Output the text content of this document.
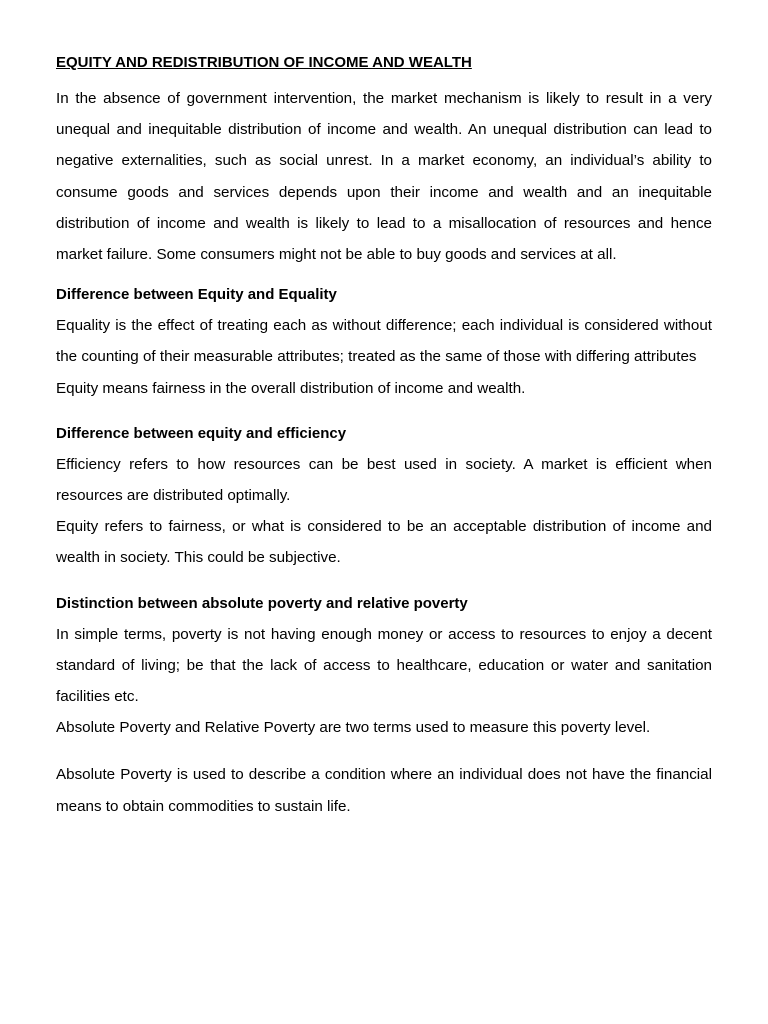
EQUITY AND REDISTRIBUTION OF INCOME AND WEALTH

In the absence of government intervention, the market mechanism is likely to result in a very unequal and inequitable distribution of income and wealth. An unequal distribution can lead to negative externalities, such as social unrest. In a market economy, an individual’s ability to consume goods and services depends upon their income and wealth and an inequitable distribution of income and wealth is likely to lead to a misallocation of resources and hence market failure. Some consumers might not be able to buy goods and services at all.

Difference between Equity and Equality

Equality is the effect of treating each as without difference; each individual is considered without the counting of their measurable attributes; treated as the same of those with differing attributes

Equity means fairness in the overall distribution of income and wealth.

Difference between equity and efficiency

Efficiency refers to how resources can be best used in society. A market is efficient when resources are distributed optimally.

Equity refers to fairness, or what is considered to be an acceptable distribution of income and wealth in society. This could be subjective.

Distinction between absolute poverty and relative poverty

In simple terms, poverty is not having enough money or access to resources to enjoy a decent standard of living; be that the lack of access to healthcare, education or water and sanitation facilities etc.

Absolute Poverty and Relative Poverty are two terms used to measure this poverty level.

Absolute Poverty is used to describe a condition where an individual does not have the financial means to obtain commodities to sustain life.
